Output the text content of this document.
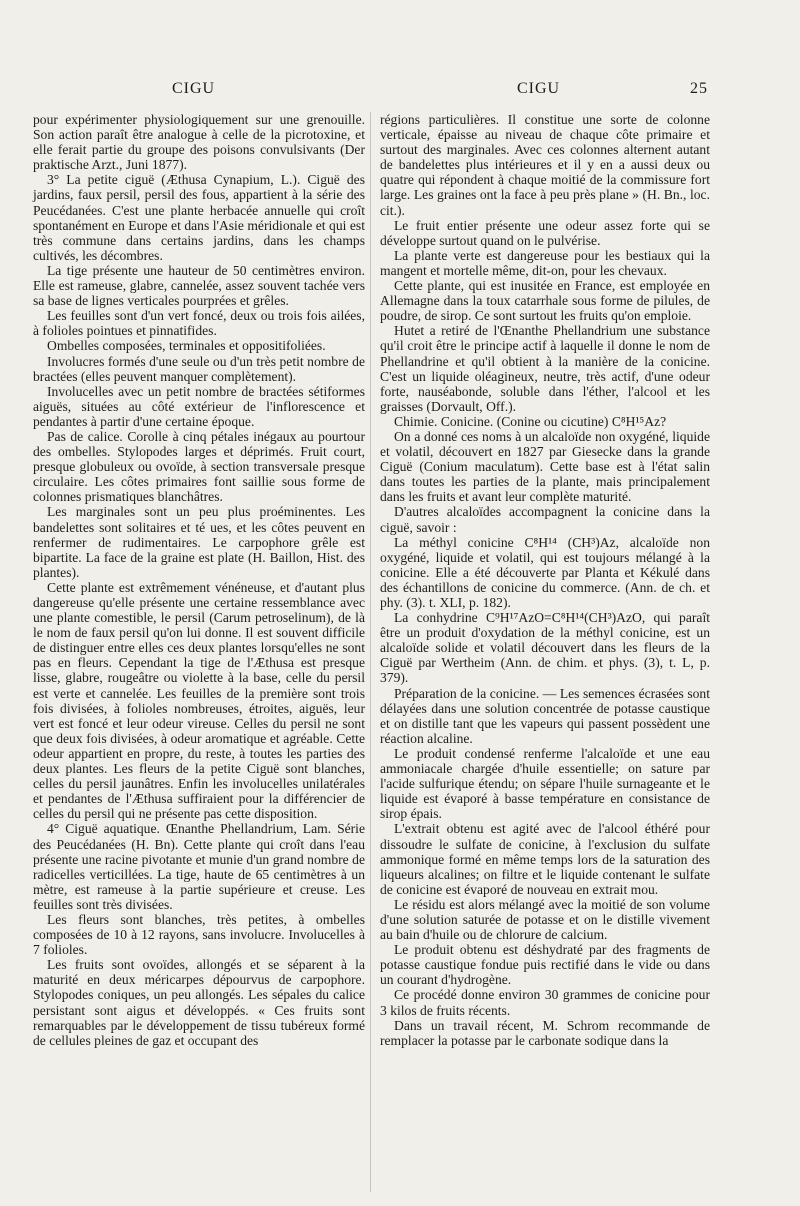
CIGU	CIGU	25

pour expérimenter physiologiquement sur une grenouille. Son action paraît être analogue à celle de la picrotoxine, et elle ferait partie du groupe des poisons convulsivants (Der praktische Arzt., Juni 1877).

3° La petite ciguë (Æthusa Cynapium, L.). Ciguë des jardins, faux persil, persil des fous, appartient à la série des Peucédanées. C'est une plante herbacée annuelle qui croît spontanément en Europe et dans l'Asie méridionale et qui est très commune dans certains jardins, dans les champs cultivés, les décombres.

La tige présente une hauteur de 50 centimètres environ. Elle est rameuse, glabre, cannelée, assez souvent tachée vers sa base de lignes verticales pourprées et grêles.

Les feuilles sont d'un vert foncé, deux ou trois fois ailées, à folioles pointues et pinnatifides.

Ombelles composées, terminales et oppositifoliées.

Involucres formés d'une seule ou d'un très petit nombre de bractées (elles peuvent manquer complètement).

Involucelles avec un petit nombre de bractées sétiformes aiguës, situées au côté extérieur de l'inflorescence et pendantes à partir d'une certaine époque.

Pas de calice. Corolle à cinq pétales inégaux au pourtour des ombelles. Stylopodes larges et déprimés. Fruit court, presque globuleux ou ovoïde, à section transversale presque circulaire. Les côtes primaires font saillie sous forme de colonnes prismatiques blanchâtres.

Les marginales sont un peu plus proéminentes. Les bandelettes sont solitaires et té ues, et les côtes peuvent en renfermer de rudimentaires. Le carpophore grêle est bipartite. La face de la graine est plate (H. Baillon, Hist. des plantes).

Cette plante est extrêmement vénéneuse, et d'autant plus dangereuse qu'elle présente une certaine ressemblance avec une plante comestible, le persil (Carum petroselinum), de là le nom de faux persil qu'on lui donne. Il est souvent difficile de distinguer entre elles ces deux plantes lorsqu'elles ne sont pas en fleurs. Cependant la tige de l'Æthusa est presque lisse, glabre, rougeâtre ou violette à la base, celle du persil est verte et cannelée. Les feuilles de la première sont trois fois divisées, à folioles nombreuses, étroites, aiguës, leur vert est foncé et leur odeur vireuse. Celles du persil ne sont que deux fois divisées, à odeur aromatique et agréable. Cette odeur appartient en propre, du reste, à toutes les parties des deux plantes. Les fleurs de la petite Ciguë sont blanches, celles du persil jaunâtres. Enfin les involucelles unilatérales et pendantes de l'Æthusa suffiraient pour la différencier de celles du persil qui ne présente pas cette disposition.

4° Ciguë aquatique. Œnanthe Phellandrium, Lam. Série des Peucédanées (H. Bn). Cette plante qui croît dans l'eau présente une racine pivotante et munie d'un grand nombre de radicelles verticillées. La tige, haute de 65 centimètres à un mètre, est rameuse à la partie supérieure et creuse. Les feuilles sont très divisées.

Les fleurs sont blanches, très petites, à ombelles composées de 10 à 12 rayons, sans involucre. Involucelles à 7 folioles.

Les fruits sont ovoïdes, allongés et se séparent à la maturité en deux méricarpes dépourvus de carpophore. Stylopodes coniques, un peu allongés. Les sépales du calice persistant sont aigus et développés. « Ces fruits sont remarquables par le développement de tissu tubéreux formé de cellules pleines de gaz et occupant des

régions particulières. Il constitue une sorte de colonne verticale, épaisse au niveau de chaque côte primaire et surtout des marginales. Avec ces colonnes alternent autant de bandelettes plus intérieures et il y en a aussi deux ou quatre qui répondent à chaque moitié de la commissure fort large. Les graines ont la face à peu près plane » (H. Bn., loc. cit.).

Le fruit entier présente une odeur assez forte qui se développe surtout quand on le pulvérise.

La plante verte est dangereuse pour les bestiaux qui la mangent et mortelle même, dit-on, pour les chevaux.

Cette plante, qui est inusitée en France, est employée en Allemagne dans la toux catarrhale sous forme de pilules, de poudre, de sirop. Ce sont surtout les fruits qu'on emploie.

Hutet a retiré de l'Œnanthe Phellandrium une substance qu'il croit être le principe actif à laquelle il donne le nom de Phellandrine et qu'il obtient à la manière de la conicine. C'est un liquide oléagineux, neutre, très actif, d'une odeur forte, nauséabonde, soluble dans l'éther, l'alcool et les graisses (Dorvault, Off.).

Chimie. Conicine. (Conine ou cicutine) C⁸H¹⁵Az?

On a donné ces noms à un alcaloïde non oxygéné, liquide et volatil, découvert en 1827 par Giesecke dans la grande Ciguë (Conium maculatum). Cette base est à l'état salin dans toutes les parties de la plante, mais principalement dans les fruits et avant leur complète maturité.

D'autres alcaloïdes accompagnent la conicine dans la ciguë, savoir :

La méthyl conicine C⁸H¹⁴ (CH³)Az, alcaloïde non oxygéné, liquide et volatil, qui est toujours mélangé à la conicine. Elle a été découverte par Planta et Kékulé dans des échantillons de conicine du commerce. (Ann. de ch. et phy. (3). t. XLI, p. 182).

La conhydrine C⁹H¹⁷AzO=C⁸H¹⁴(CH³)AzO, qui paraît être un produit d'oxydation de la méthyl conicine, est un alcaloïde solide et volatil découvert dans les fleurs de la Ciguë par Wertheim (Ann. de chim. et phys. (3), t. L, p. 379).

Préparation de la conicine. — Les semences écrasées sont délayées dans une solution concentrée de potasse caustique et on distille tant que les vapeurs qui passent possèdent une réaction alcaline.

Le produit condensé renferme l'alcaloïde et une eau ammoniacale chargée d'huile essentielle; on sature par l'acide sulfurique étendu; on sépare l'huile surnageante et le liquide est évaporé à basse température en consistance de sirop épais.

L'extrait obtenu est agité avec de l'alcool éthéré pour dissoudre le sulfate de conicine, à l'exclusion du sulfate ammonique formé en même temps lors de la saturation des liqueurs alcalines; on filtre et le liquide contenant le sulfate de conicine est évaporé de nouveau en extrait mou.

Le résidu est alors mélangé avec la moitié de son volume d'une solution saturée de potasse et on le distille vivement au bain d'huile ou de chlorure de calcium.

Le produit obtenu est déshydraté par des fragments de potasse caustique fondue puis rectifié dans le vide ou dans un courant d'hydrogène.

Ce procédé donne environ 30 grammes de conicine pour 3 kilos de fruits récents.

Dans un travail récent, M. Schrom recommande de remplacer la potasse par le carbonate sodique dans la
